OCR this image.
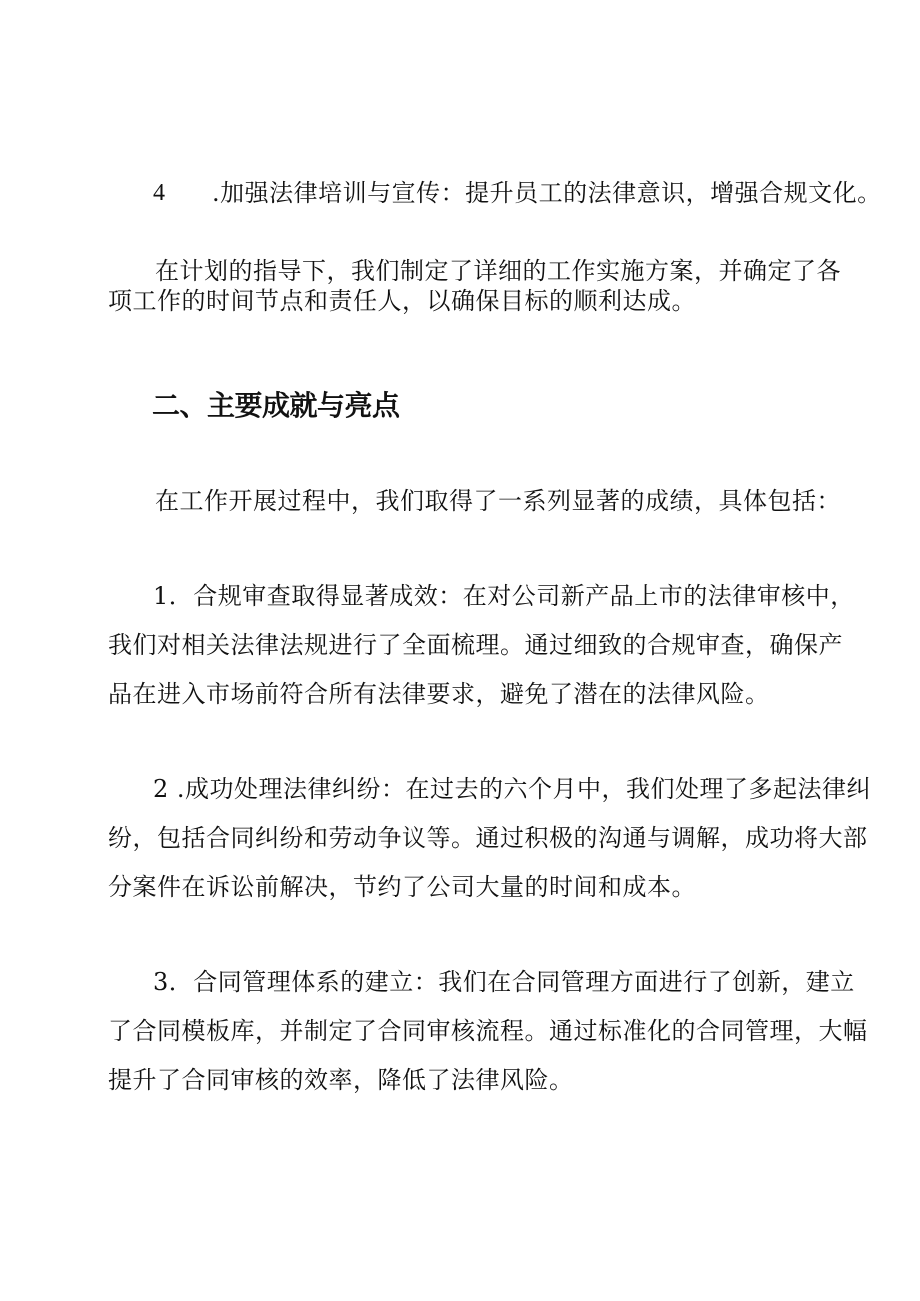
4 .加强法律培训与宣传：提升员工的法律意识，增强合规文化。
在计划的指导下，我们制定了详细的工作实施方案，并确定了各
项工作的时间节点和责任人，以确保目标的顺利达成。
二、主要成就与亮点
在工作开展过程中，我们取得了一系列显著的成绩，具体包括：
1．合规审查取得显著成效：在对公司新产品上市的法律审核中，
我们对相关法律法规进行了全面梳理。通过细致的合规审查，确保产
品在进入市场前符合所有法律要求，避免了潜在的法律风险。
2 .成功处理法律纠纷：在过去的六个月中，我们处理了多起法律纠
纷，包括合同纠纷和劳动争议等。通过积极的沟通与调解，成功将大部
分案件在诉讼前解决，节约了公司大量的时间和成本。
3．合同管理体系的建立：我们在合同管理方面进行了创新，建立
了合同模板库，并制定了合同审核流程。通过标准化的合同管理，大幅
提升了合同审核的效率，降低了法律风险。
